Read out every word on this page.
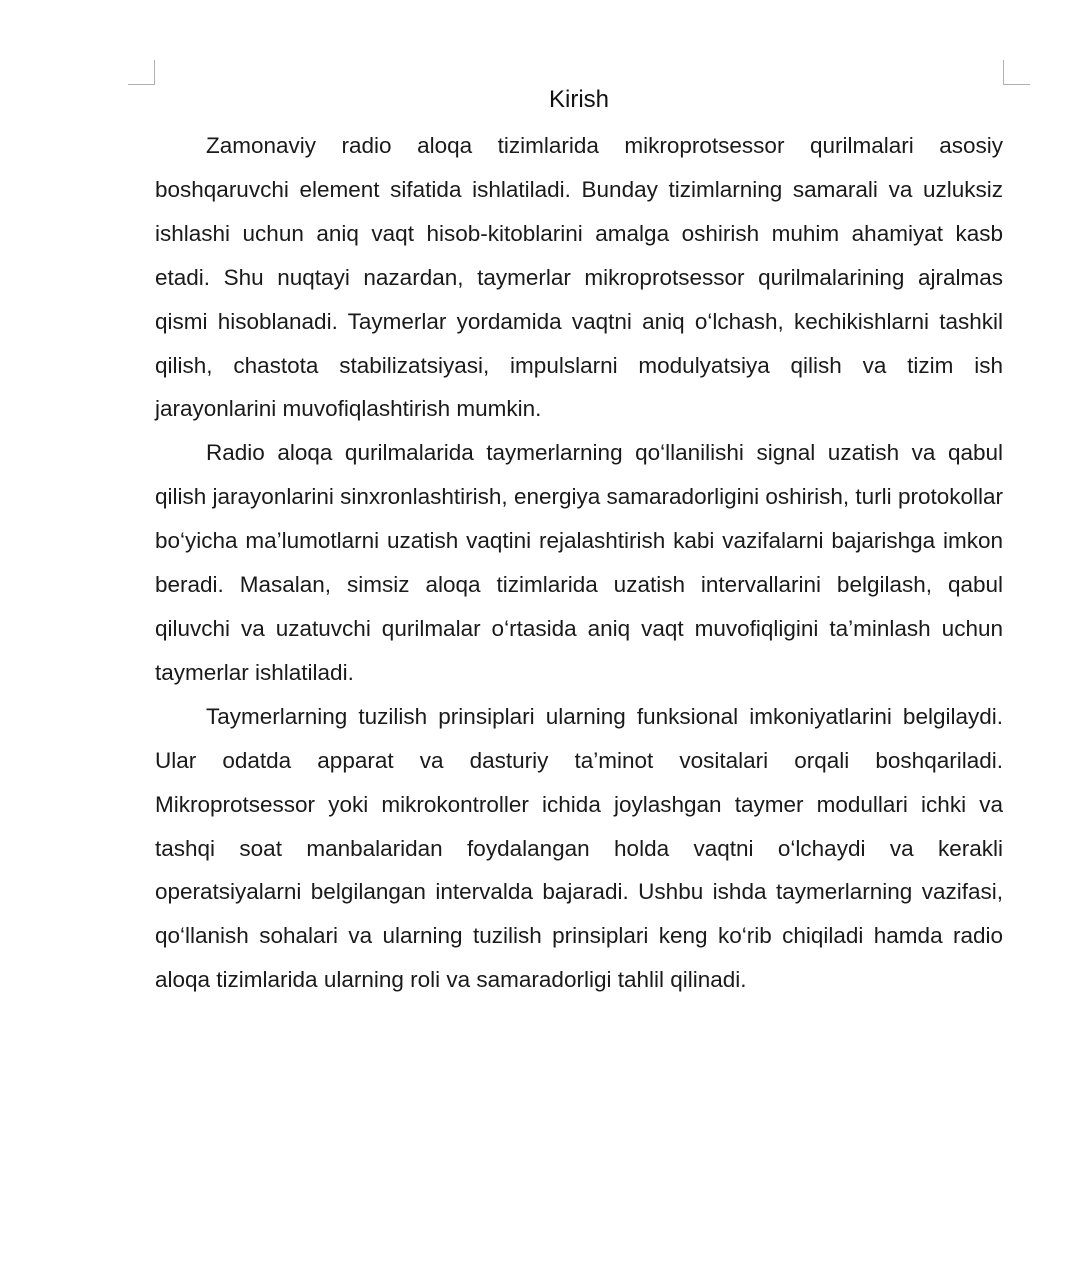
Kirish

Zamonaviy radio aloqa tizimlarida mikroprotsessor qurilmalari asosiy boshqaruvchi element sifatida ishlatiladi. Bunday tizimlarning samarali va uzluksiz ishlashi uchun aniq vaqt hisob-kitoblarini amalga oshirish muhim ahamiyat kasb etadi. Shu nuqtayi nazardan, taymerlar mikroprotsessor qurilmalarining ajralmas qismi hisoblanadi. Taymerlar yordamida vaqtni aniq o‘lchash, kechikishlarni tashkil qilish, chastota stabilizatsiyasi, impulslarni modulyatsiya qilish va tizim ish jarayonlarini muvofiqlashtirish mumkin.

Radio aloqa qurilmalarida taymerlarning qo‘llanilishi signal uzatish va qabul qilish jarayonlarini sinxronlashtirish, energiya samaradorligini oshirish, turli protokollar bo‘yicha ma’lumotlarni uzatish vaqtini rejalashtirish kabi vazifalarni bajarishga imkon beradi. Masalan, simsiz aloqa tizimlarida uzatish intervallarini belgilash, qabul qiluvchi va uzatuvchi qurilmalar o‘rtasida aniq vaqt muvofiqligini ta’minlash uchun taymerlar ishlatiladi.

Taymerlarning tuzilish prinsiplari ularning funksional imkoniyatlarini belgilaydi. Ular odatda apparat va dasturiy ta’minot vositalari orqali boshqariladi. Mikroprotsessor yoki mikrokontroller ichida joylashgan taymer modullari ichki va tashqi soat manbalaridan foydalangan holda vaqtni o‘lchaydi va kerakli operatsiyalarni belgilangan intervalda bajaradi. Ushbu ishda taymerlarning vazifasi, qo‘llanish sohalari va ularning tuzilish prinsiplari keng ko‘rib chiqiladi hamda radio aloqa tizimlarida ularning roli va samaradorligi tahlil qilinadi.
